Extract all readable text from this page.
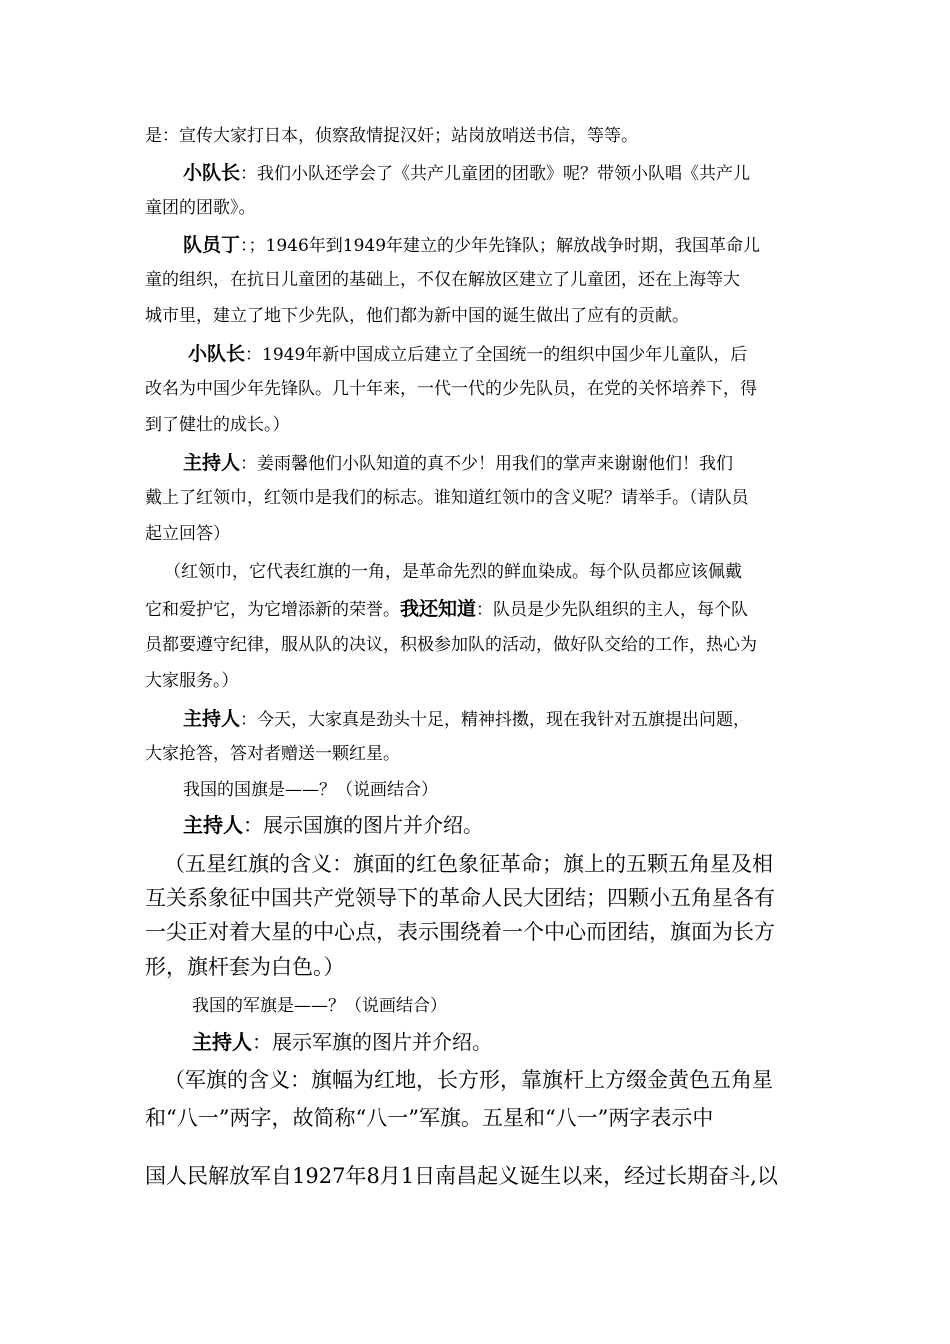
是：宣传大家打日本，侦察敌情捉汉奸；站岗放哨送书信，等等。
小队长：我们小队还学会了《共产儿童团的团歌》呢？带领小队唱《共产儿
童团的团歌》。
队员丁：；1946年到1949年建立的少年先锋队；解放战争时期，我国革命儿
童的组织，在抗日儿童团的基础上，不仅在解放区建立了儿童团，还在上海等大
城市里，建立了地下少先队，他们都为新中国的诞生做出了应有的贡献。
小队长：1949年新中国成立后建立了全国统一的组织中国少年儿童队，后
改名为中国少年先锋队。几十年来，一代一代的少先队员，在党的关怀培养下，得
到了健壮的成长。）
主持人：姜雨馨他们小队知道的真不少！用我们的掌声来谢谢他们！我们
戴上了红领巾，红领巾是我们的标志。谁知道红领巾的含义呢？请举手。（请队员
起立回答）
（红领巾，它代表红旗的一角，是革命先烈的鲜血染成。每个队员都应该佩戴
它和爱护它，为它增添新的荣誉。我还知道：队员是少先队组织的主人，每个队
员都要遵守纪律，服从队的决议，积极参加队的活动，做好队交给的工作，热心为
大家服务。）
主持人：今天，大家真是劲头十足，精神抖擞，现在我针对五旗提出问题，
大家抢答，答对者赠送一颗红星。
我国的国旗是——？（说画结合）
主持人：展示国旗的图片并介绍。
（五星红旗的含义：旗面的红色象征革命；旗上的五颗五角星及相
互关系象征中国共产党领导下的革命人民大团结；四颗小五角星各有
一尖正对着大星的中心点，表示围绕着一个中心而团结，旗面为长方
形，旗杆套为白色。）
我国的军旗是——？（说画结合）
主持人：展示军旗的图片并介绍。
（军旗的含义：旗幅为红地，长方形，靠旗杆上方缀金黄色五角星
和“八一”两字，故简称“八一”军旗。五星和“八一”两字表示中
国人民解放军自1927年8月1日南昌起义诞生以来，经过长期奋斗,以
